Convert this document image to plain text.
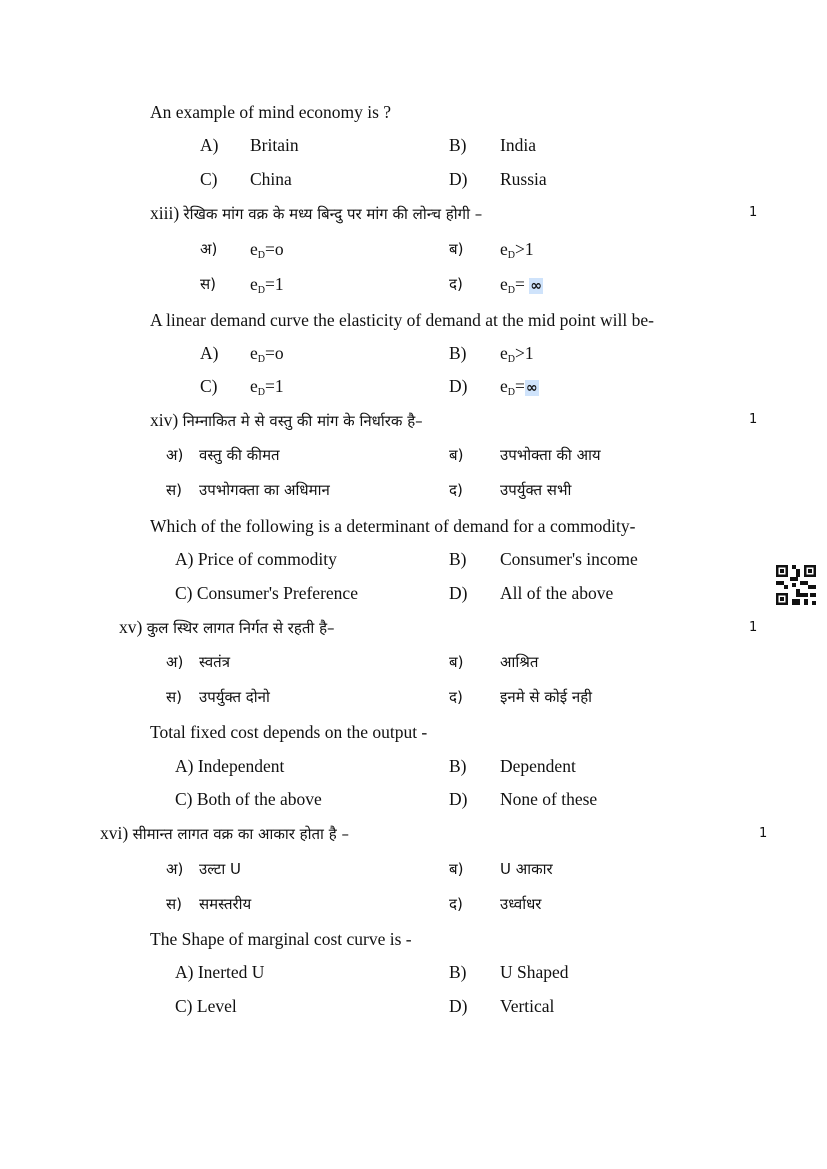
An example of mind economy is ?
A) Britain	B) India
C) China	D) Russia
xiii) रेखिक मांग वक्र के मध्य बिन्दु पर मांग की लोन्च होगी –	1
अ) eD=o	ब) eD>1
स) eD=1	द) eD= ∞
A linear demand curve the elasticity of demand at the mid point will be-
A) eD=o	B) eD>1
C) eD=1	D) eD=∞
xiv) निम्नाकित मे से वस्तु की मांग के निर्धारक है–	1
अ) वस्तु की कीमत	ब) उपभोक्ता की आय
स) उपभोगक्ता का अधिमान	द) उपर्युक्त सभी
Which of the following is a determinant of demand for a commodity-
A) Price of commodity	B) Consumer's income
C) Consumer's Preference	D) All of the above
xv) कुल स्थिर लागत निर्गत से रहती है–	1
अ) स्वतंत्र	ब) आश्रित
स) उपर्युक्त दोनो	द) इनमे से कोई नही
Total fixed cost depends on the output -
A) Independent	B) Dependent
C) Both of the above	D) None of these
xvi) सीमान्त लागत वक्र का आकार होता है –	1
अ) उल्टा U	ब) U आकार
स) समस्तरीय	द) उर्ध्वाधर
The Shape of marginal cost curve is -
A) Inerted U	B) U Shaped
C) Level	D) Vertical
